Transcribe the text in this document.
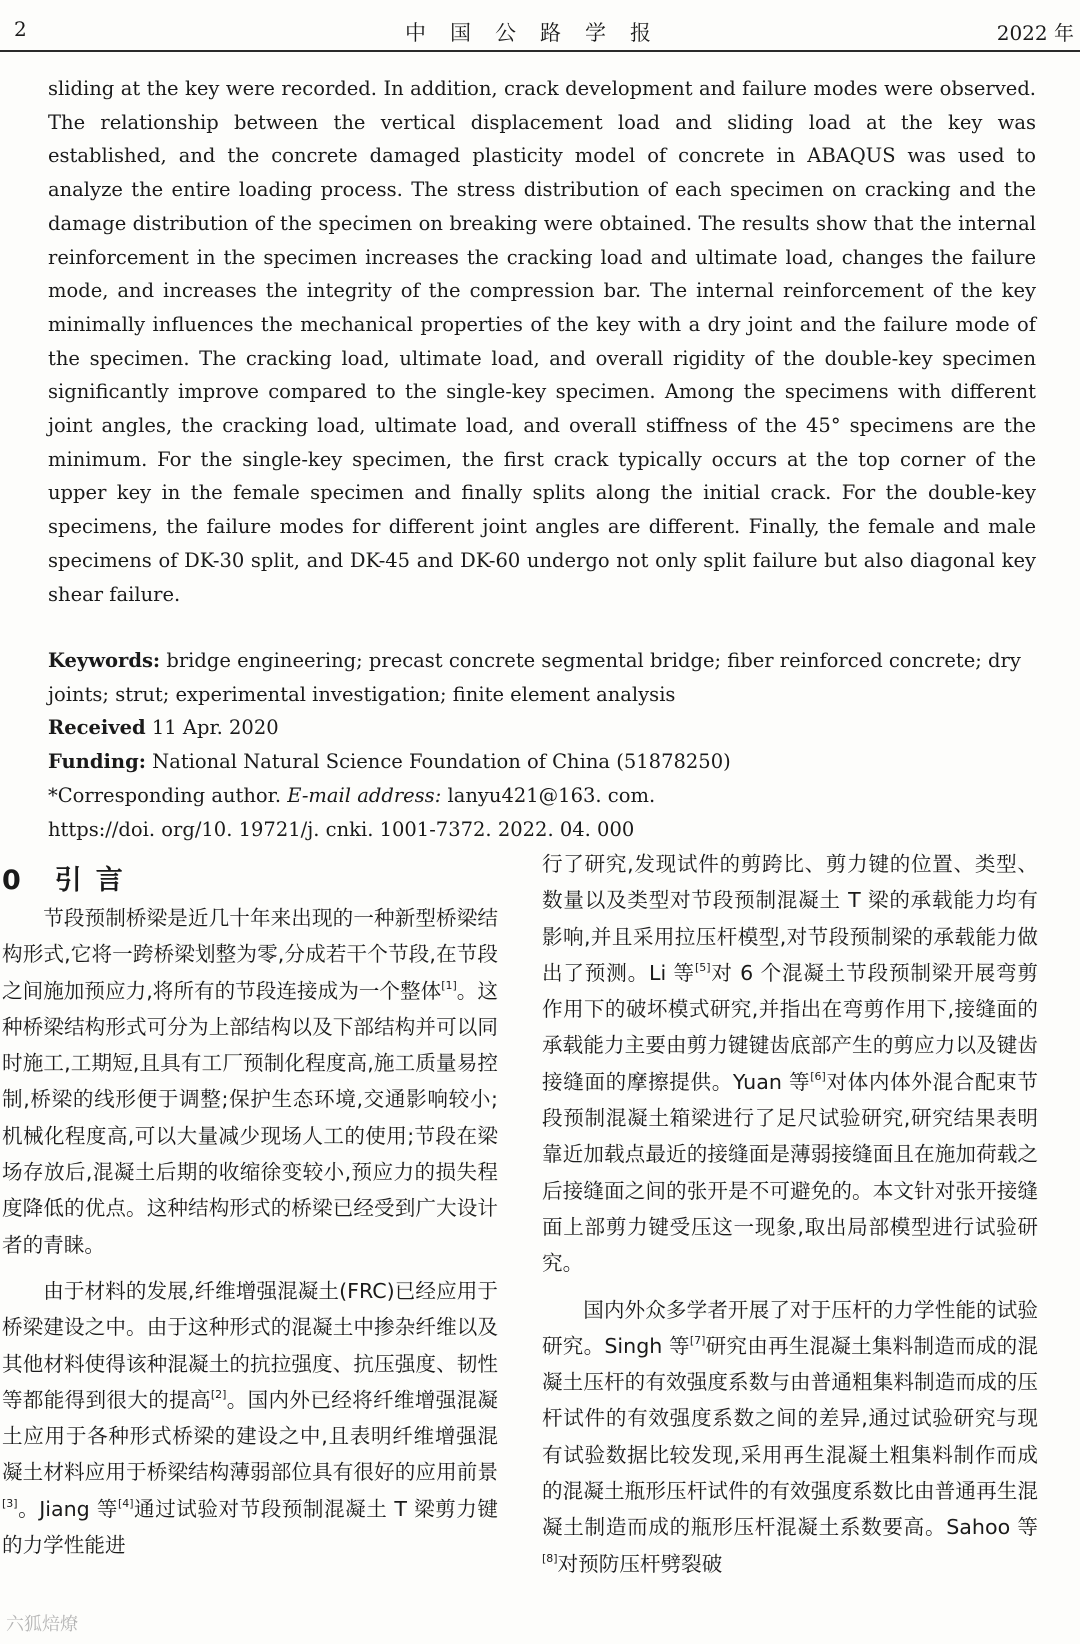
2	中国公路学报	2022 年

sliding at the key were recorded. In addition, crack development and failure modes were observed. The relationship between the vertical displacement load and sliding load at the key was established, and the concrete damaged plasticity model of concrete in ABAQUS was used to analyze the entire loading process. The stress distribution of each specimen on cracking and the damage distribution of the specimen on breaking were obtained. The results show that the internal reinforcement in the specimen increases the cracking load and ultimate load, changes the failure mode, and increases the integrity of the compression bar. The internal reinforcement of the key minimally influences the mechanical properties of the key with a dry joint and the failure mode of the specimen. The cracking load, ultimate load, and overall rigidity of the double-key specimen significantly improve compared to the single-key specimen. Among the specimens with different joint angles, the cracking load, ultimate load, and overall stiffness of the 45° specimens are the minimum. For the single-key specimen, the first crack typically occurs at the top corner of the upper key in the female specimen and finally splits along the initial crack. For the double-key specimens, the failure modes for different joint angles are different. Finally, the female and male specimens of DK-30 split, and DK-45 and DK-60 undergo not only split failure but also diagonal key shear failure.

Keywords: bridge engineering; precast concrete segmental bridge; fiber reinforced concrete; dry joints; strut; experimental investigation; finite element analysis
Received 11 Apr. 2020
Funding: National Natural Science Foundation of China (51878250)
*Corresponding author. E-mail address: lanyu421@163. com.
https://doi. org/10. 19721/j. cnki. 1001-7372. 2022. 04. 000
0 引言

节段预制桥梁是近几十年来出现的一种新型桥梁结构形式,它将一跨桥梁划整为零,分成若干个节段,在节段之间施加预应力,将所有的节段连接成为一个整体[1]。这种桥梁结构形式可分为上部结构以及下部结构并可以同时施工,工期短,且具有工厂预制化程度高,施工质量易控制,桥梁的线形便于调整;保护生态环境,交通影响较小;机械化程度高,可以大量减少现场人工的使用;节段在梁场存放后,混凝土后期的收缩徐变较小,预应力的损失程度降低的优点。这种结构形式的桥梁已经受到广大设计者的青睐。

由于材料的发展,纤维增强混凝土(FRC)已经应用于桥梁建设之中。由于这种形式的混凝土中掺杂纤维以及其他材料使得该种混凝土的抗拉强度、抗压强度、韧性等都能得到很大的提高[2]。国内外已经将纤维增强混凝土应用于各种形式桥梁的建设之中,且表明纤维增强混凝土材料应用于桥梁结构薄弱部位具有很好的应用前景[3]。Jiang 等[4]通过试验对节段预制混凝土 T 梁剪力键的力学性能进

行了研究,发现试件的剪跨比、剪力键的位置、类型、数量以及类型对节段预制混凝土 T 梁的承载能力均有影响,并且采用拉压杆模型,对节段预制梁的承载能力做出了预测。Li 等[5]对 6 个混凝土节段预制梁开展弯剪作用下的破坏模式研究,并指出在弯剪作用下,接缝面的承载能力主要由剪力键键齿底部产生的剪应力以及键齿接缝面的摩擦提供。Yuan 等[6]对体内体外混合配束节段预制混凝土箱梁进行了足尺试验研究,研究结果表明靠近加载点最近的接缝面是薄弱接缝面且在施加荷载之后接缝面之间的张开是不可避免的。本文针对张开接缝面上部剪力键受压这一现象,取出局部模型进行试验研究。

国内外众多学者开展了对于压杆的力学性能的试验研究。Singh 等[7]研究由再生混凝土集料制造而成的混凝土压杆的有效强度系数与由普通粗集料制造而成的压杆试件的有效强度系数之间的差异,通过试验研究与现有试验数据比较发现,采用再生混凝土粗集料制作而成的混凝土瓶形压杆试件的有效强度系数比由普通再生混凝土制造而成的瓶形压杆混凝土系数要高。Sahoo 等[8]对预防压杆劈裂破

六狐焙燎
